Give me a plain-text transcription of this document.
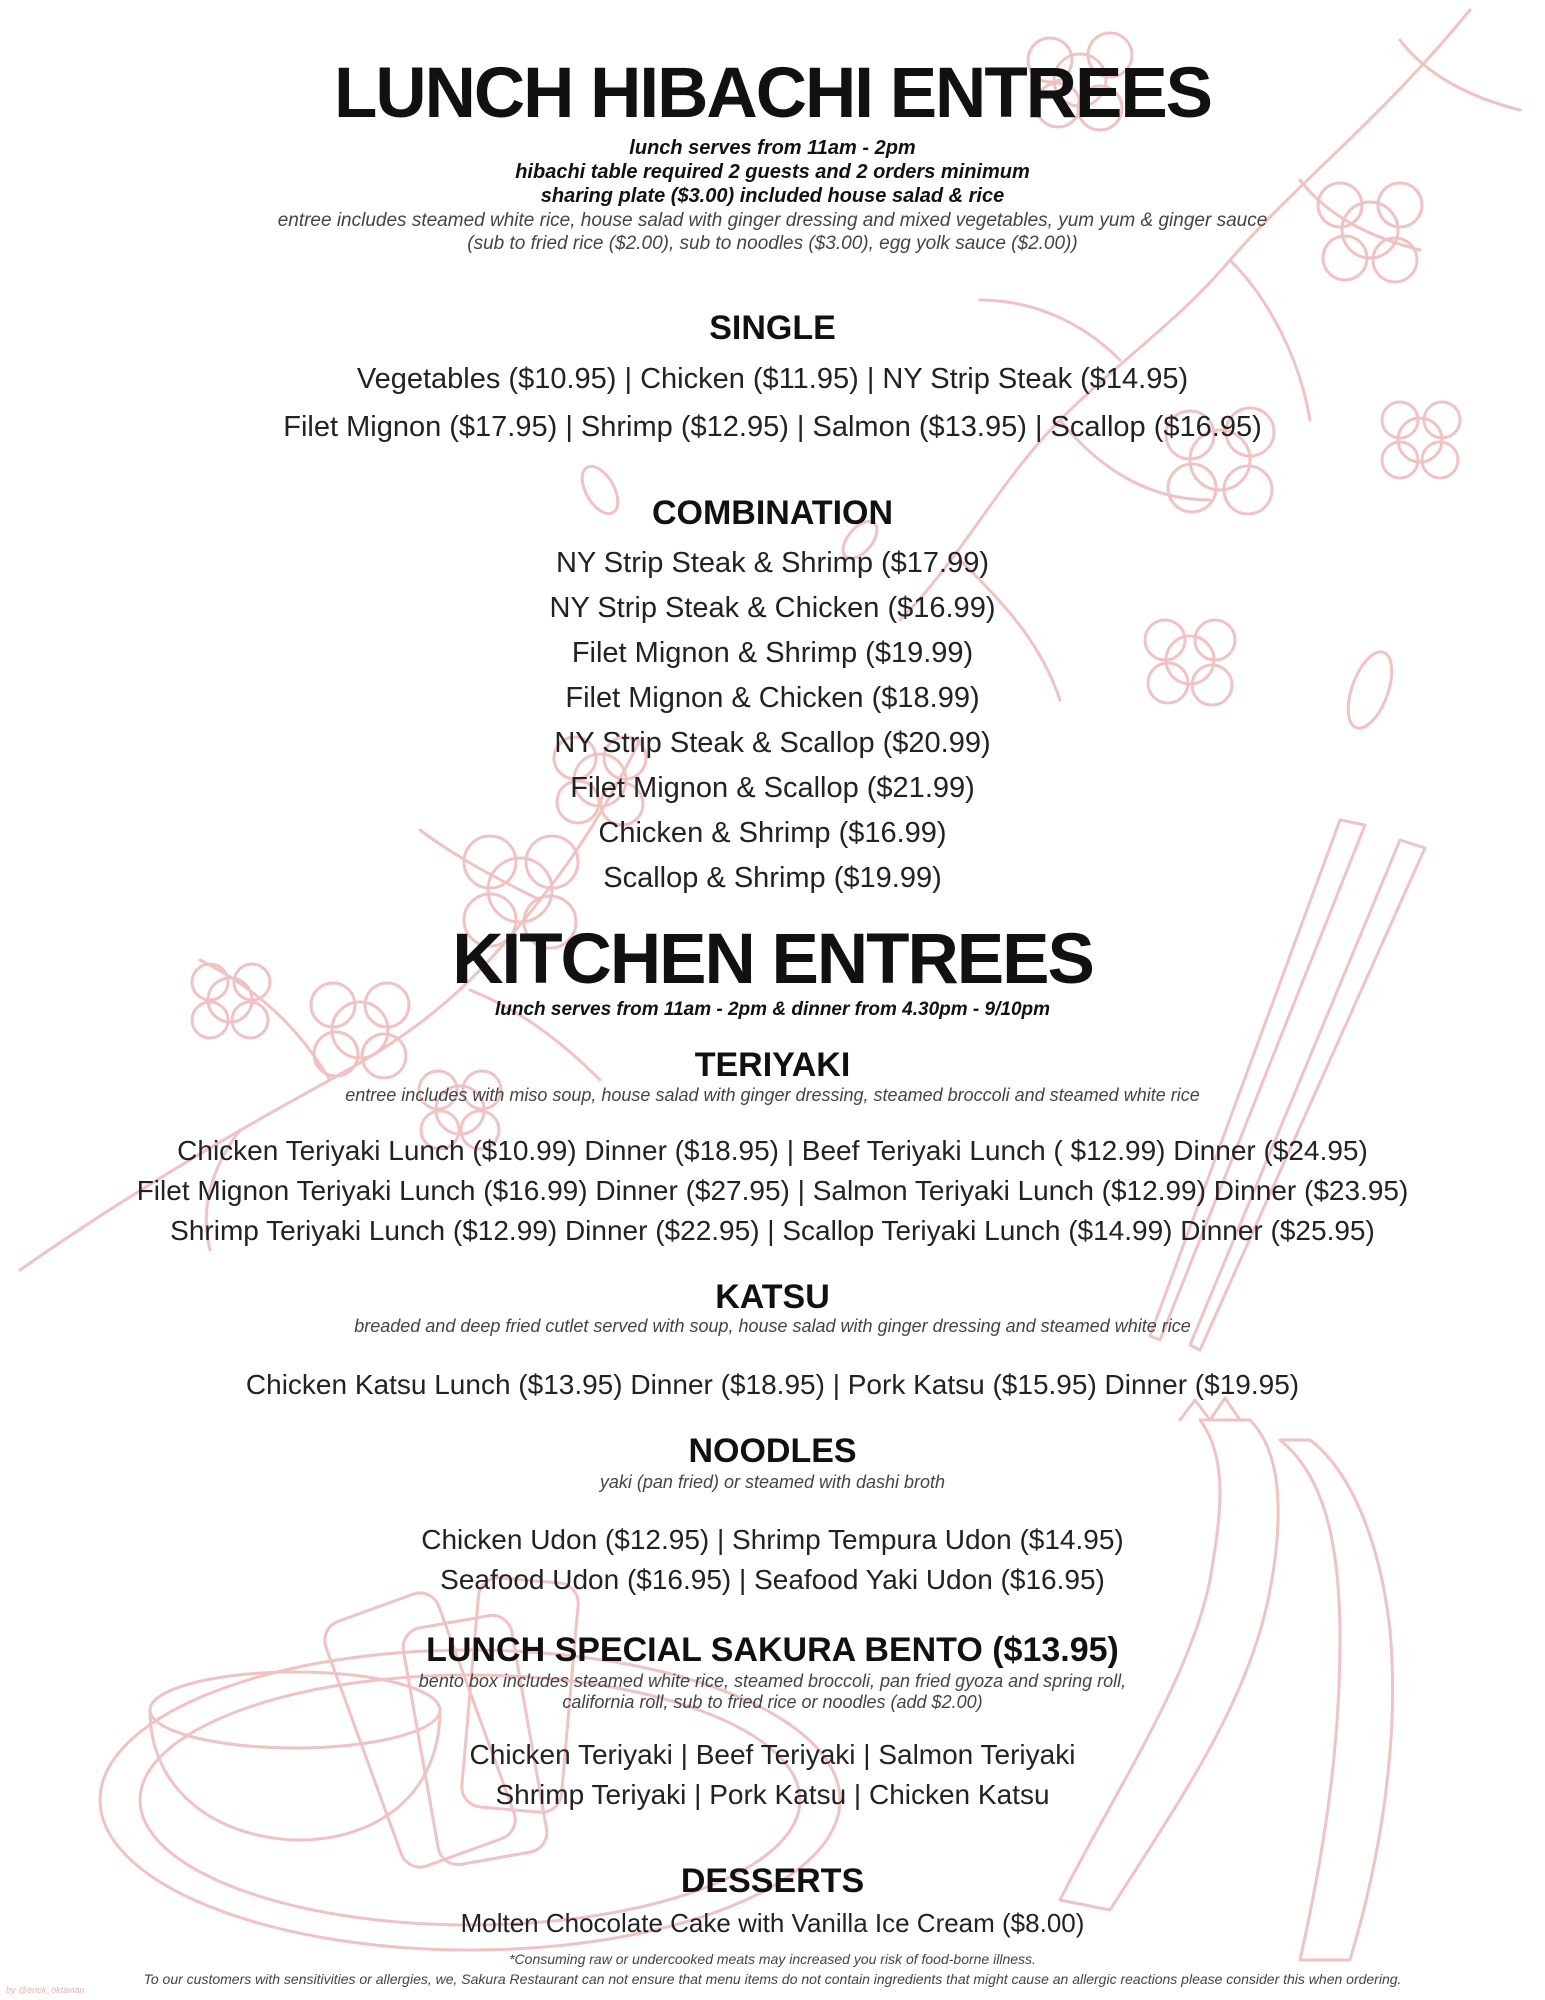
LUNCH HIBACHI ENTREES
lunch serves from 11am - 2pm
hibachi table required 2 guests and 2 orders minimum
sharing plate ($3.00) included house salad & rice
entree includes steamed white rice, house salad with ginger dressing and mixed vegetables, yum yum & ginger sauce
(sub to fried rice ($2.00), sub to noodles ($3.00), egg yolk sauce ($2.00))
SINGLE
Vegetables ($10.95) | Chicken ($11.95) | NY Strip Steak ($14.95)
Filet Mignon ($17.95) | Shrimp ($12.95) | Salmon ($13.95) | Scallop ($16.95)
COMBINATION
NY Strip Steak & Shrimp ($17.99)
NY Strip Steak & Chicken ($16.99)
Filet Mignon & Shrimp ($19.99)
Filet Mignon & Chicken ($18.99)
NY Strip Steak & Scallop ($20.99)
Filet Mignon & Scallop ($21.99)
Chicken & Shrimp ($16.99)
Scallop & Shrimp ($19.99)
KITCHEN ENTREES
lunch serves from 11am - 2pm & dinner from 4.30pm - 9/10pm
TERIYAKI
entree includes with miso soup, house salad with ginger dressing, steamed broccoli and steamed white rice
Chicken Teriyaki Lunch ($10.99) Dinner ($18.95) | Beef Teriyaki Lunch ( $12.99) Dinner ($24.95)
Filet Mignon Teriyaki Lunch ($16.99) Dinner ($27.95) | Salmon Teriyaki Lunch ($12.99) Dinner ($23.95)
Shrimp Teriyaki Lunch ($12.99) Dinner ($22.95) | Scallop Teriyaki Lunch ($14.99) Dinner ($25.95)
KATSU
breaded and deep fried cutlet served with soup, house salad with ginger dressing and steamed white rice
Chicken Katsu Lunch ($13.95) Dinner ($18.95) | Pork Katsu ($15.95) Dinner ($19.95)
NOODLES
yaki (pan fried) or steamed with dashi broth
Chicken Udon ($12.95) | Shrimp Tempura Udon ($14.95)
Seafood Udon ($16.95) | Seafood Yaki Udon ($16.95)
LUNCH SPECIAL SAKURA BENTO ($13.95)
bento box includes steamed white rice, steamed broccoli, pan fried gyoza and spring roll,
california roll, sub to fried rice or noodles (add $2.00)
Chicken Teriyaki | Beef Teriyaki | Salmon Teriyaki
Shrimp Teriyaki | Pork Katsu | Chicken Katsu
DESSERTS
Molten Chocolate Cake with Vanilla Ice Cream ($8.00)
*Consuming raw or undercooked meats may increased you risk of food-borne illness.
To our customers with sensitivities or allergies, we, Sakura Restaurant can not ensure that menu items do not contain ingredients that might cause an allergic reactions please consider this when ordering.
by @erick_oktavian
